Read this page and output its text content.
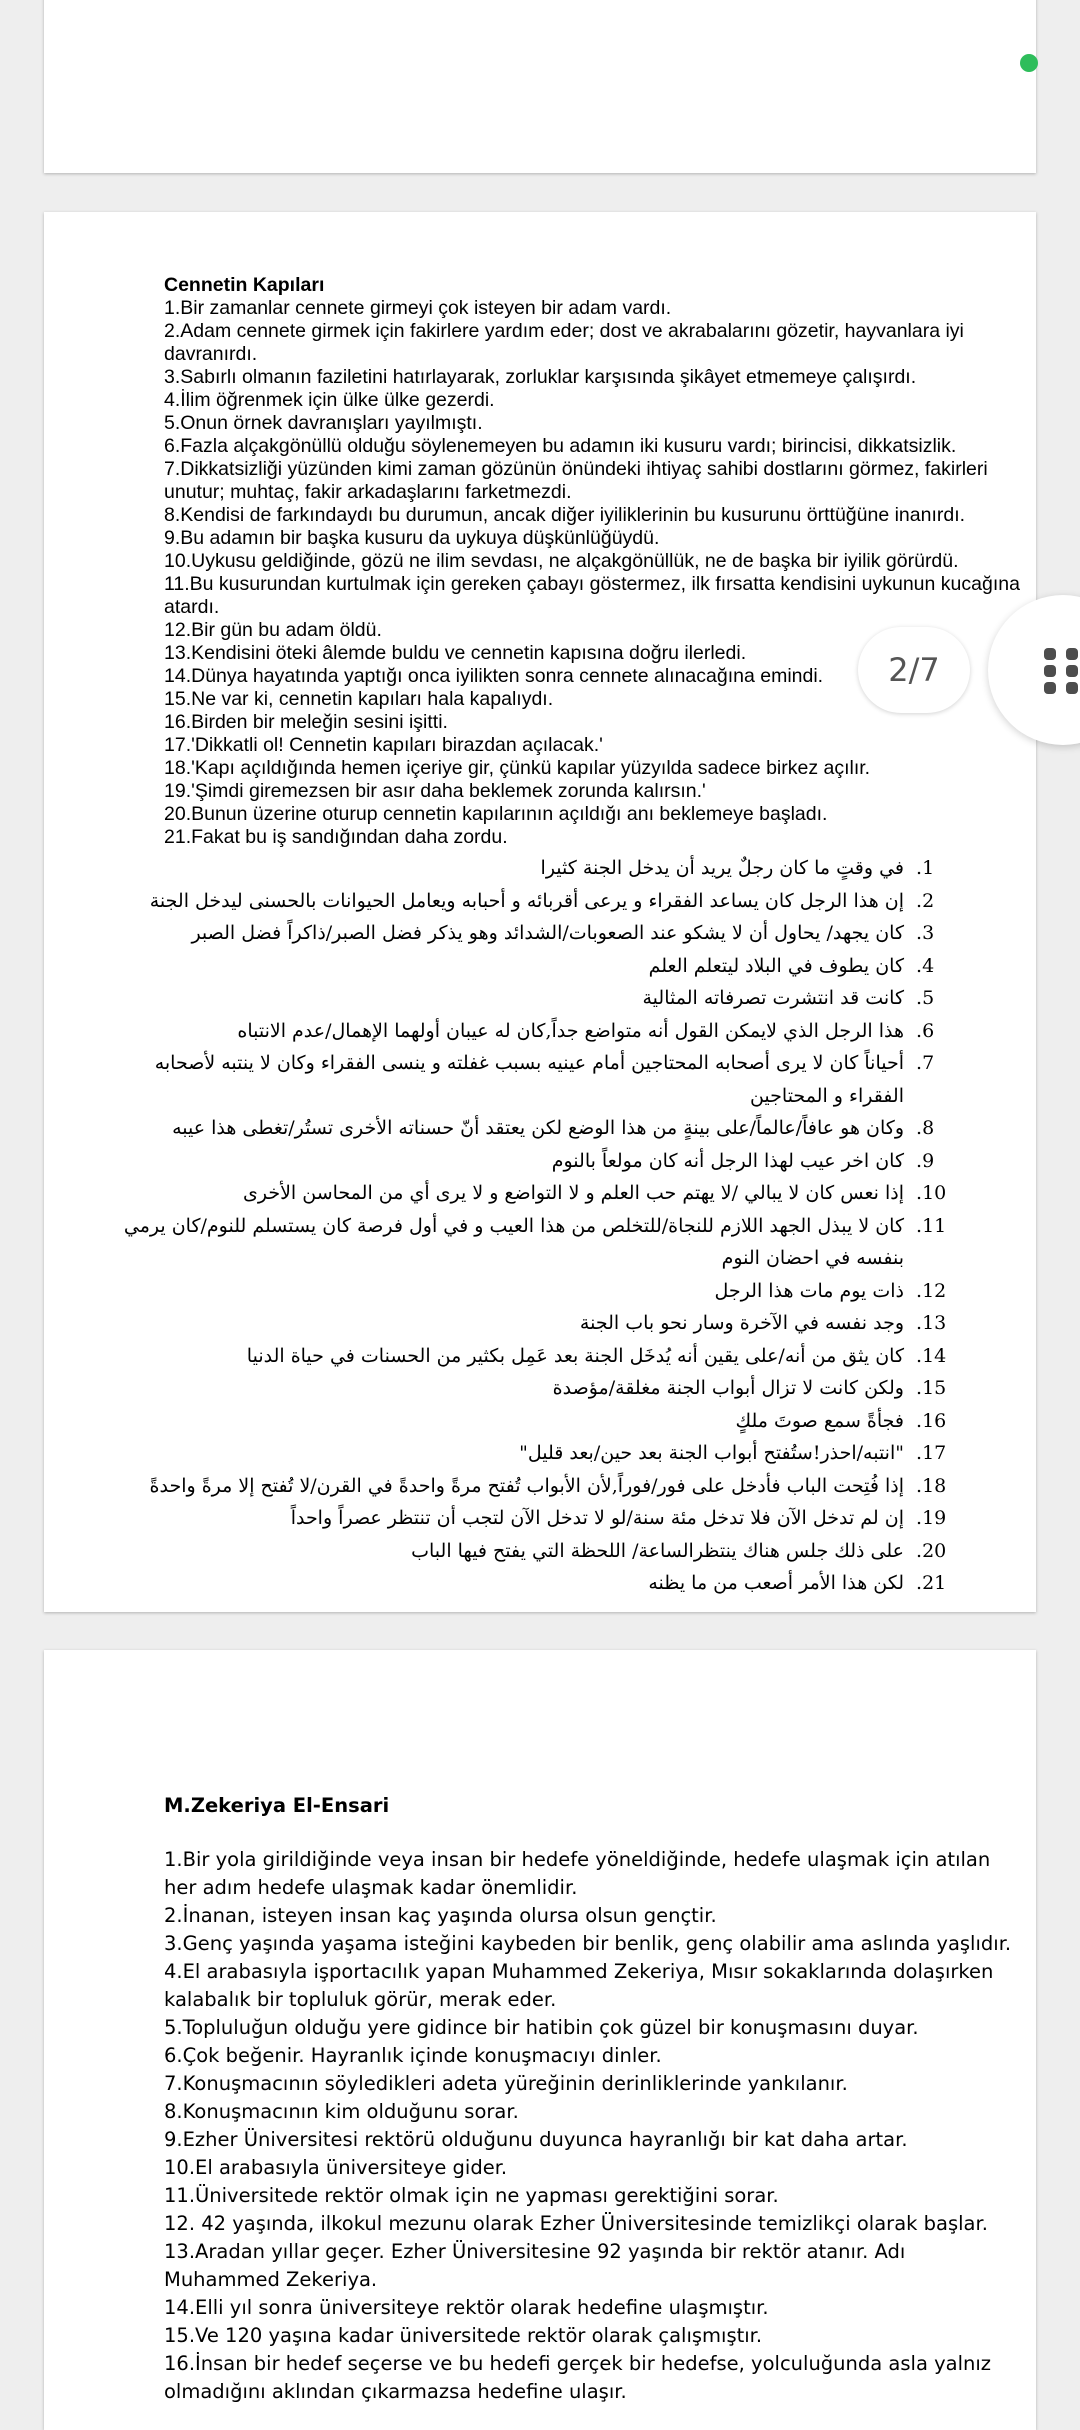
Cennetin Kapıları
1.Bir zamanlar cennete girmeyi çok isteyen bir adam vardı.
2.Adam cennete girmek için fakirlere yardım eder; dost ve akrabalarını gözetir, hayvanlara iyi davranırdı.
3.Sabırlı olmanın faziletini hatırlayarak, zorluklar karşısında şikâyet etmemeye çalışırdı.
4.İlim öğrenmek için ülke ülke gezerdi.
5.Onun örnek davranışları yayılmıştı.
6.Fazla alçakgönüllü olduğu söylenemeyen bu adamın iki kusuru vardı; birincisi, dikkatsizlik.
7.Dikkatsizliği yüzünden kimi zaman gözünün önündeki ihtiyaç sahibi dostlarını görmez, fakirleri unutur; muhtaç, fakir arkadaşlarını farketmezdi.
8.Kendisi de farkındaydı bu durumun, ancak diğer iyiliklerinin bu kusurunu örttüğüne inanırdı.
9.Bu adamın bir başka kusuru da uykuya düşkünlüğüydü.
10.Uykusu geldiğinde, gözü ne ilim sevdası, ne alçakgönüllük, ne de başka bir iyilik görürdü.
11.Bu kusurundan kurtulmak için gereken çabayı göstermez, ilk fırsatta kendisini uykunun kucağına atardı.
12.Bir gün bu adam öldü.
13.Kendisini öteki âlemde buldu ve cennetin kapısına doğru ilerledi.
14.Dünya hayatında yaptığı onca iyilikten sonra cennete alınacağına emindi.
15.Ne var ki, cennetin kapıları hala kapalıydı.
16.Birden bir meleğin sesini işitti.
17.'Dikkatli ol! Cennetin kapıları birazdan açılacak.'
18.'Kapı açıldığında hemen içeriye gir, çünkü kapılar yüzyılda sadece birkez açılır.
19.'Şimdi giremezsen bir asır daha beklemek zorunda kalırsın.'
20.Bunun üzerine oturup cennetin kapılarının açıldığı anı beklemeye başladı.
21.Fakat bu iş sandığından daha zordu.
1. في وقتٍ ما كان رجلٌ يريد أن يدخل الجنة كثيرا
2. إن هذا الرجل كان يساعد الفقراء و يرعى أقربائه و أحبابه ويعامل الحيوانات بالحسنى ليدخل الجنة
3. كان يجهد/ يحاول أن لا يشكو عند الصعوبات/الشدائد وهو يذكر فضل الصبر/ذاكراً فضل الصبر
4. كان يطوف في البلاد ليتعلم العلم
5. كانت قد انتشرت تصرفاته المثالية
6. هذا الرجل الذي لايمكن القول أنه متواضع جداً,كان له عيبان أولهما الإهمال/عدم الانتباه
7. أحياناً كان لا يرى أصحابه المحتاجين أمام عينيه بسبب غفلته و ينسى الفقراء وكان لا ينتبه لأصحابه الفقراء و المحتاجين
8. وكان هو عافاً/عالماً/على بينةٍ من هذا الوضع لكن يعتقد أنّ حسناته الأخرى تستُر/تغطى هذا عيبه
9. كان اخر عيب لهذا الرجل أنه كان مولعاً بالنوم
10. إذا نعس كان لا يبالي /لا يهتم حب العلم و لا التواضع و لا يرى أي من المحاسن الأخرى
11. كان لا يبذل الجهد اللازم للنجاة/للتخلص من هذا العيب و في أول فرصة كان يستسلم للنوم/كان يرمي بنفسه في احضان النوم
12. ذات يوم مات هذا الرجل
13. وجد نفسه في الآخرة وسار نحو باب الجنة
14. كان يثق من أنه/على يقين أنه يُدخَل الجنة بعد عَمِل بكثير من الحسنات في حياة الدنيا
15. ولكن كانت لا تزال أبواب الجنة مغلقة/مؤصدة
16. فجأةً سمع صوتَ ملكٍ
17. "انتبه/احذر!ستُفتح أبواب الجنة بعد حين/بعد قليل"
18. إذا فُتِحت الباب فأدخل على فور/فوراً,لأن الأبواب تُفتح مرةً واحدةً في القرن/لا تُفتح إلا مرةً واحدةً
19. إن لم تدخل الآن فلا تدخل مئة سنة/لو لا تدخل الآن لتجب أن تنتظر عصراً واحداً
20. على ذلك جلس هناك ينتظرالساعة/ اللحظة التي يفتح فيها الباب
21. لكن هذا الأمر أصعب من ما يظنه
M.Zekeriya El-Ensari
1.Bir yola girildiğinde veya insan bir hedefe yöneldiğinde, hedefe ulaşmak için atılan her adım hedefe ulaşmak kadar önemlidir.
2.İnanan, isteyen insan kaç yaşında olursa olsun gençtir.
3.Genç yaşında yaşama isteğini kaybeden bir benlik, genç olabilir ama aslında yaşlıdır.
4.El arabasıyla işportacılık yapan Muhammed Zekeriya, Mısır sokaklarında dolaşırken kalabalık bir topluluk görür, merak eder.
5.Topluluğun olduğu yere gidince bir hatibin çok güzel bir konuşmasını duyar.
6.Çok beğenir. Hayranlık içinde konuşmacıyı dinler.
7.Konuşmacının söyledikleri adeta yüreğinin derinliklerinde yankılanır.
8.Konuşmacının kim olduğunu sorar.
9.Ezher Üniversitesi rektörü olduğunu duyunca hayranlığı bir kat daha artar.
10.El arabasıyla üniversiteye gider.
11.Üniversitede rektör olmak için ne yapması gerektiğini sorar.
12. 42 yaşında, ilkokul mezunu olarak Ezher Üniversitesinde temizlikçi olarak başlar.
13.Aradan yıllar geçer. Ezher Üniversitesine 92 yaşında bir rektör atanır. Adı Muhammed Zekeriya.
14.Elli yıl sonra üniversiteye rektör olarak hedefine ulaşmıştır.
15.Ve 120 yaşına kadar üniversitede rektör olarak çalışmıştır.
16.İnsan bir hedef seçerse ve bu hedefi gerçek bir hedefse, yolculuğunda asla yalnız olmadığını aklından çıkarmazsa hedefine ulaşır.
2/7
